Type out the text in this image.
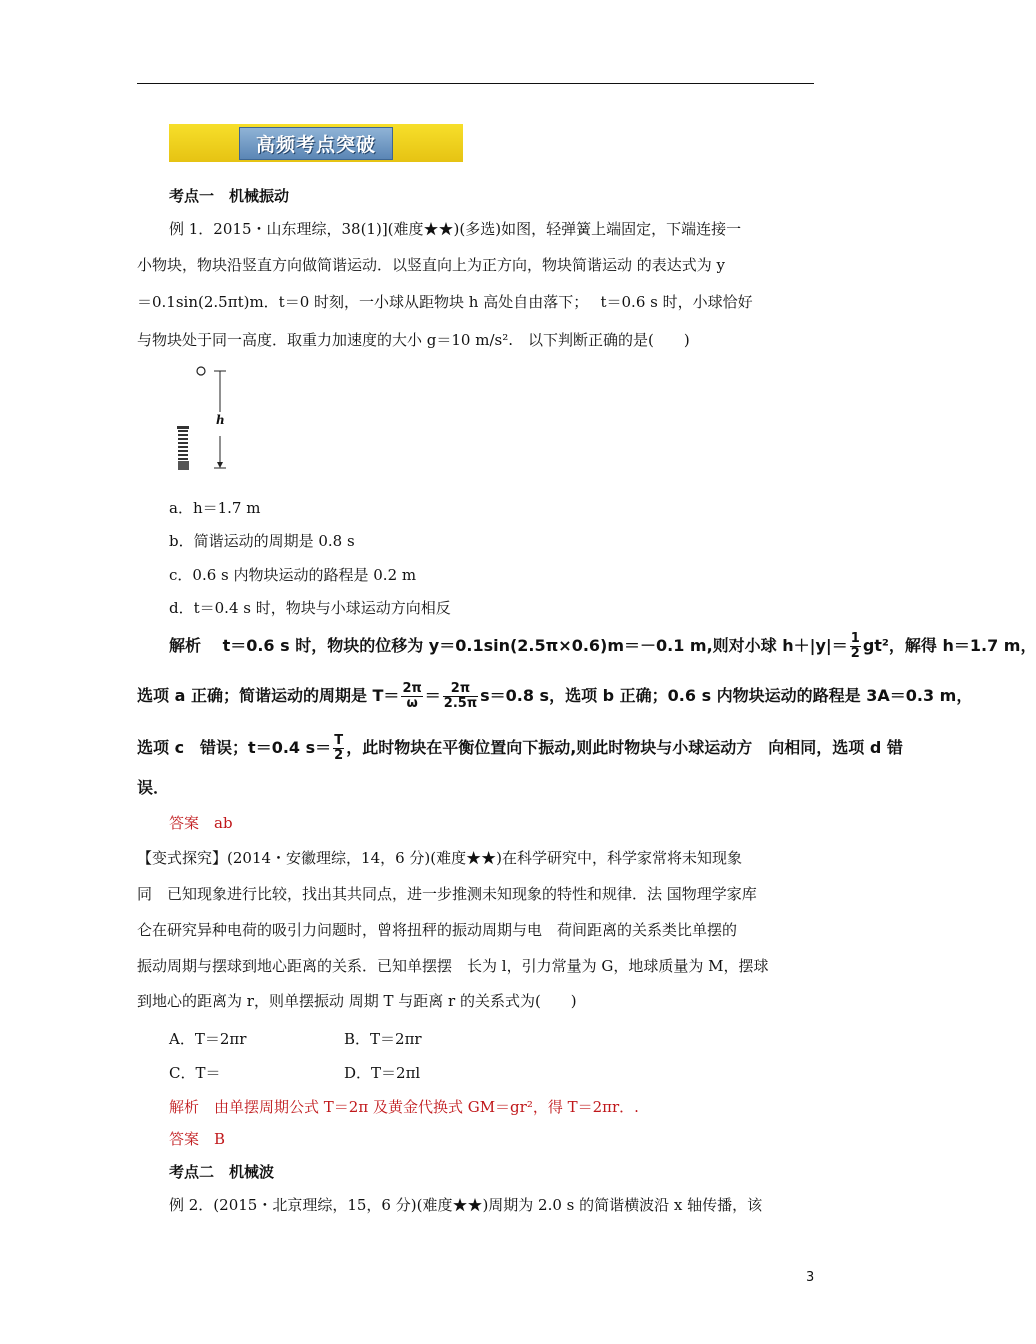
高频考点突破
考点一　机械振动
例 1．2015・山东理综，38(1)](难度★★)(多选)如图，轻弹簧上端固定，下端连接一
小物块，物块沿竖直方向做简谐运动．以竖直向上为正方向，物块简谐运动 的表达式为 y
＝0.1sin(2.5πt)m．t＝0 时刻，一小球从距物块 h 高处自由落下；　 t＝0.6 s 时，小球恰好
与物块处于同一高度．取重力加速度的大小 g＝10 m/s².　以下判断正确的是(　　)
h
a．h＝1.7 m
b．简谐运动的周期是 0.8 s
c．0.6 s 内物块运动的路程是 0.2 m
d．t＝0.4 s 时，物块与小球运动方向相反
解析　 t＝0.6 s 时，物块的位移为 y＝0.1sin(2.5π×0.6)m＝－0.1 m,则对小球 $h+|y|= \frac{1}{2} gt^2$，解得 h＝1.7 m，
选项 a 正确；简谐运动的周期是 $T= \frac{2\pi}{\omega} = \frac{2\pi}{2.5\pi} s=0.8$ s，选项 b 正确；0.6 s 内物块运动的路程是 3A＝0.3 m，
选项 c　错误；t＝0.4 $s= \frac{T}{2}$ ，此时物块在平衡位置向下振动,则此时物块与小球运动方　向相同，选项 d 错
误．
答案　ab
【变式探究】(2014・安徽理综，14，6 分)(难度★★)在科学研究中，科学家常将未知现象
同　已知现象进行比较，找出其共同点，进一步推测未知现象的特性和规律．法 国物理学家库
仑在研究异种电荷的吸引力问题时，曾将扭秤的振动周期与电　荷间距离的关系类比单摆的
振动周期与摆球到地心距离的关系．已知单摆摆　长为 l，引力常量为 G，地球质量为 M，摆球
到地心的距离为 r，则单摆振动 周期 T 与距离 r 的关系式为(　　)
A．T＝2πr	B．T＝2πr
C．T＝	D．T＝2πl
解析　由单摆周期公式 T＝2π 及黄金代换式 GM＝gr²，得 T＝2πr．.
答案　B
考点二　机械波
例 2．(2015・北京理综，15，6 分)(难度★★)周期为 2.0 s 的简谐横波沿 x 轴传播，该
3
